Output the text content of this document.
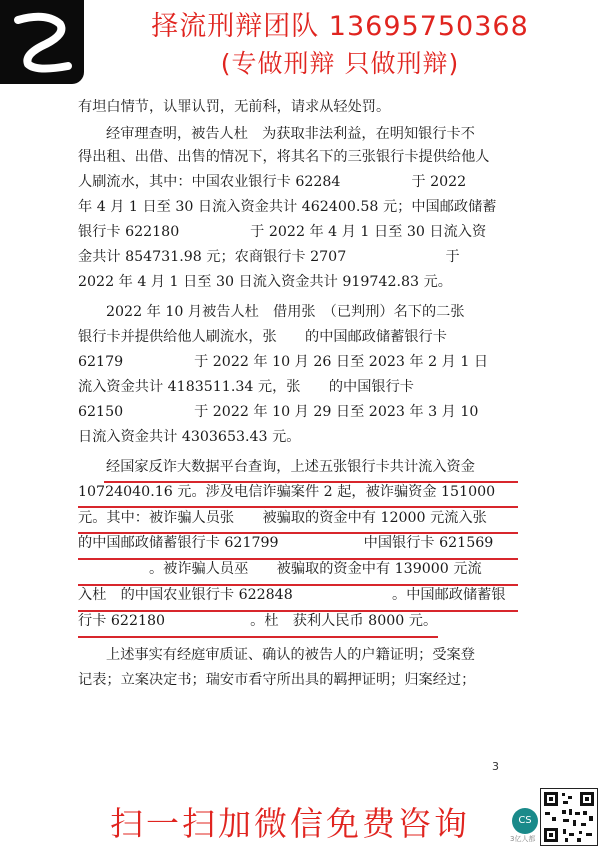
择流刑辩团队 13695750368
(专做刑辩 只做刑辩)
有坦白情节，认罪认罚，无前科，请求从轻处罚。
经审理查明，被告人杜　为获取非法利益，在明知银行卡不
得出租、出借、出售的情况下，将其名下的三张银行卡提供给他人
人刷流水，其中：中国农业银行卡 62284　　　　　于 2022
年 4 月 1 日至 30 日流入资金共计 462400.58 元；中国邮政储蓄
银行卡 622180　　　　　于 2022 年 4 月 1 日至 30 日流入资
金共计 854731.98 元；农商银行卡 2707　　　　　　　于
2022 年 4 月 1 日至 30 日流入资金共计 919742.83 元。
2022 年 10 月被告人杜　借用张　（已判刑）名下的二张
银行卡并提供给他人刷流水，张　　的中国邮政储蓄银行卡
62179　　　　　于 2022 年 10 月 26 日至 2023 年 2 月 1 日
流入资金共计 4183511.34 元，张　　的中国银行卡
62150　　　　　于 2022 年 10 月 29 日至 2023 年 3 月 10
日流入资金共计 4303653.43 元。
经国家反诈大数据平台查询，上述五张银行卡共计流入资金
10724040.16 元。涉及电信诈骗案件 2 起，被诈骗资金 151000
元。其中：被诈骗人员张　　被骗取的资金中有 12000 元流入张
的中国邮政储蓄银行卡 621799　　　　　　中国银行卡 621569
　　　　　。被诈骗人员巫　　被骗取的资金中有 139000 元流
入杜　的中国农业银行卡 622848　　　　　　　。中国邮政储蓄银
行卡 622180　　　　　　。杜　获利人民币 8000 元。
上述事实有经庭审质证、确认的被告人的户籍证明；受案登
记表；立案决定书；瑞安市看守所出具的羁押证明；归案经过；
3
扫一扫加微信免费咨询	CS
3亿人都
